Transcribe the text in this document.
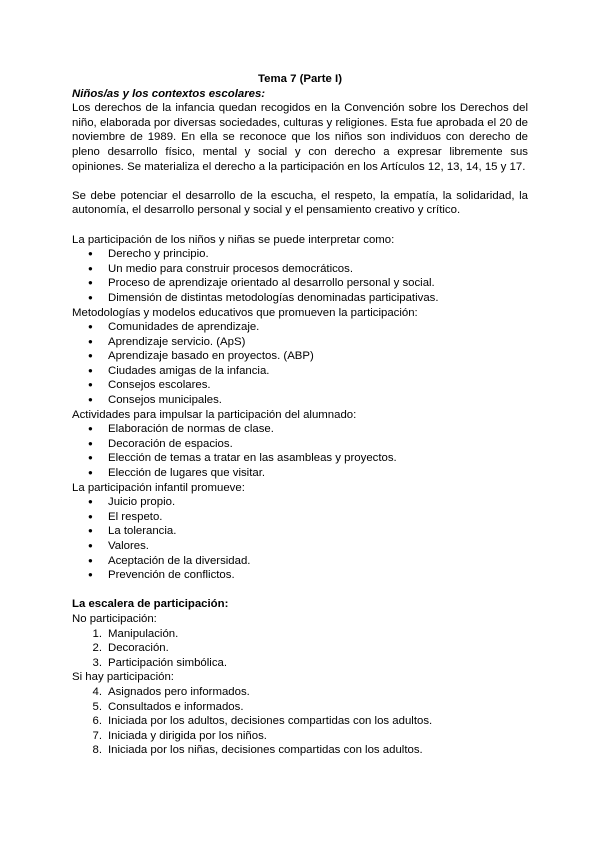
Tema 7 (Parte I)

Niños/as y los contextos escolares:

Los derechos de la infancia quedan recogidos en la Convención sobre los Derechos del niño, elaborada por diversas sociedades, culturas y religiones. Esta fue aprobada el 20 de noviembre de 1989. En ella se reconoce que los niños son individuos con derecho de pleno desarrollo físico, mental y social y con derecho a expresar libremente sus opiniones. Se materializa el derecho a la participación en los Artículos 12, 13, 14, 15 y 17.

Se debe potenciar el desarrollo de la escucha, el respeto, la empatía, la solidaridad, la autonomía, el desarrollo personal y social y el pensamiento creativo y crítico.

La participación de los niños y niñas se puede interpretar como:

● Derecho y principio.
● Un medio para construir procesos democráticos.
● Proceso de aprendizaje orientado al desarrollo personal y social.
● Dimensión de distintas metodologías denominadas participativas.

Metodologías y modelos educativos que promueven la participación:

● Comunidades de aprendizaje.
● Aprendizaje servicio. (ApS)
● Aprendizaje basado en proyectos. (ABP)
● Ciudades amigas de la infancia.
● Consejos escolares.
● Consejos municipales.

Actividades para impulsar la participación del alumnado:

● Elaboración de normas de clase.
● Decoración de espacios.
● Elección de temas a tratar en las asambleas y proyectos.
● Elección de lugares que visitar.

La participación infantil promueve:

● Juicio propio.
● El respeto.
● La tolerancia.
● Valores.
● Aceptación de la diversidad.
● Prevención de conflictos.

La escalera de participación:

No participación:

1. Manipulación.
2. Decoración.
3. Participación simbólica.

Si hay participación:

4. Asignados pero informados.
5. Consultados e informados.
6. Iniciada por los adultos, decisiones compartidas con los adultos.
7. Iniciada y dirigida por los niños.
8. Iniciada por los niñas, decisiones compartidas con los adultos.
